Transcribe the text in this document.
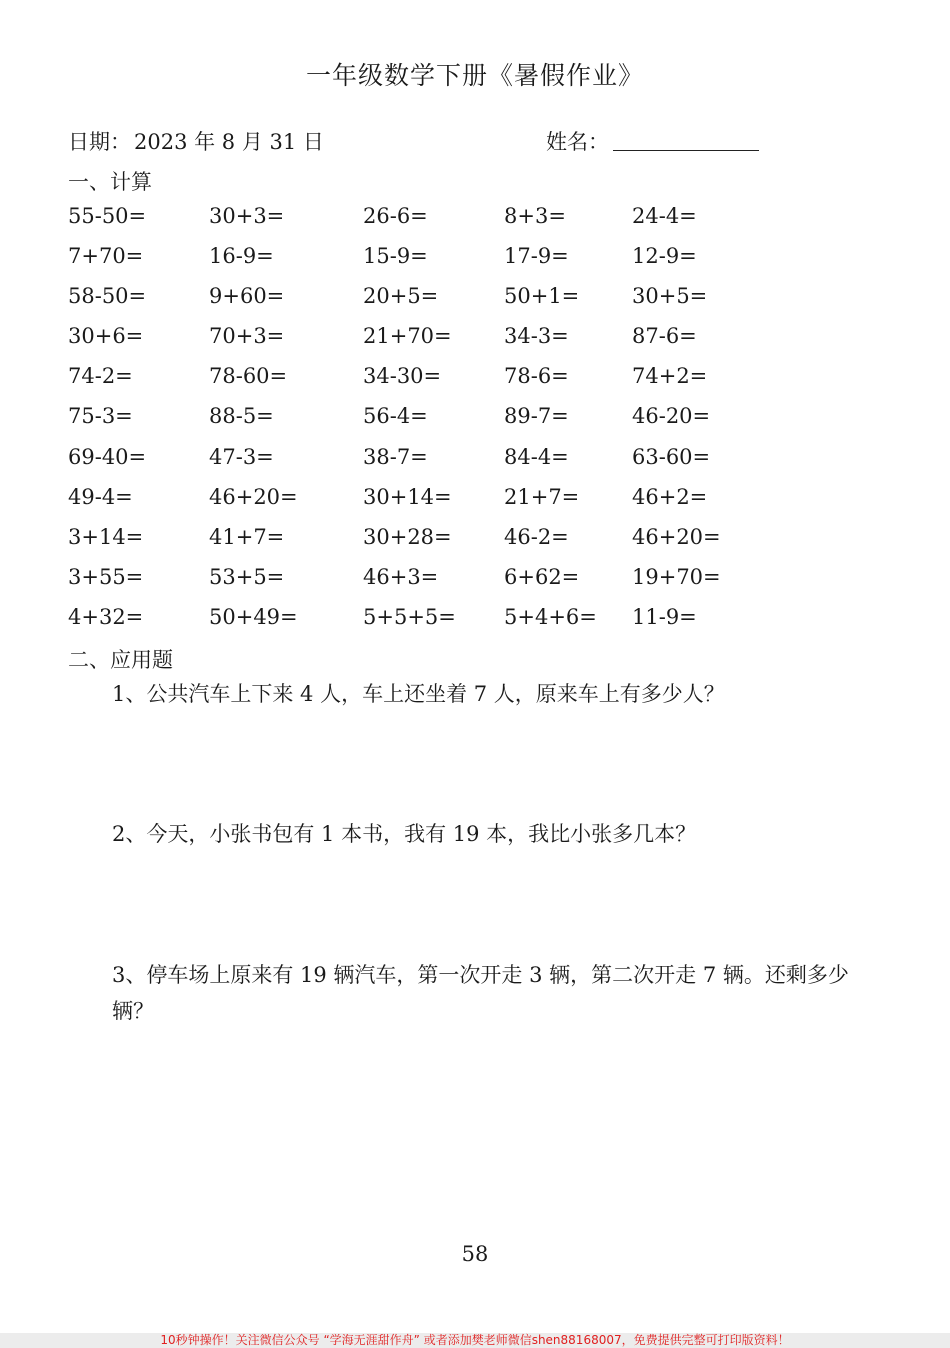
一年级数学下册《暑假作业》
日期： 2023 年 8 月 31 日	姓名：
一、计算
55-50=	30+3=	26-6=	8+3=	24-4=
7+70=	16-9=	15-9=	17-9=	12-9=
58-50=	9+60=	20+5=	50+1=	30+5=
30+6=	70+3=	21+70= 34-3=	87-6=
74-2=	78-60=	34-30=	78-6=	74+2=
75-3=	88-5=	56-4=	89-7=	46-20=
69-40=	47-3=	38-7=	84-4=	63-60=
49-4=	46+20=	30+14= 21+7=	46+2=
3+14=	41+7=	30+28= 46-2=	46+20=
3+55=	53+5=	46+3=	6+62=	19+70=
4+32=	50+49=	5+5+5= 5+4+6= 11-9=
二、应用题
1、公共汽车上下来 4 人，车上还坐着 7 人，原来车上有多少人？
2、今天，小张书包有 1 本书，我有 19 本，我比小张多几本？
3、停车场上原来有 19 辆汽车，第一次开走 3 辆，第二次开走 7 辆。还剩多少辆？
58
10秒钟操作！关注微信公众号 “学海无涯甜作舟” 或者添加樊老师微信shen88168007，免费提供完整可打印版资料！
